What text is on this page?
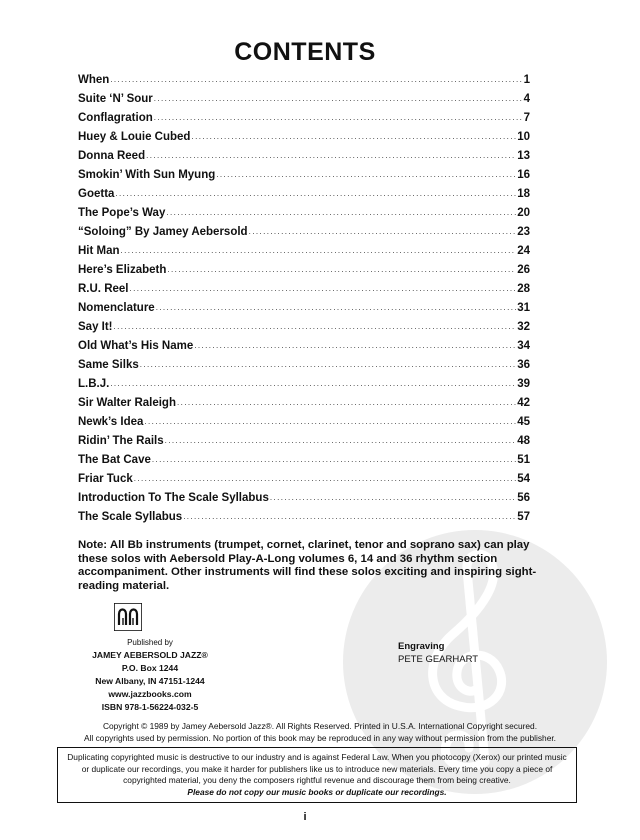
CONTENTS
When .....	1
Suite ‘N’ Sour .....	4
Conflagration .....	7
Huey & Louie Cubed .....	10
Donna Reed .....	13
Smokin’ With Sun Myung .....	16
Goetta .....	18
The Pope’s Way .....	20
“Soloing” By Jamey Aebersold .....	23
Hit Man .....	24
Here’s Elizabeth .....	26
R.U. Reel .....	28
Nomenclature .....	31
Say It! .....	32
Old What’s His Name .....	34
Same Silks .....	36
L.B.J. .....	39
Sir Walter Raleigh .....	42
Newk’s Idea .....	45
Ridin’ The Rails .....	48
The Bat Cave .....	51
Friar Tuck .....	54
Introduction To The Scale Syllabus .....	56
The Scale Syllabus .....	57

Note: All Bb instruments (trumpet, cornet, clarinet, tenor and soprano sax) can play these solos with Aebersold Play-A-Long volumes 6, 14 and 36 rhythm section accompaniment. Other instruments will find these solos exciting and inspiring sight-reading material.

Published by
JAMEY AEBERSOLD JAZZ®
P.O. Box 1244
New Albany, IN 47151-1244
www.jazzbooks.com
ISBN 978-1-56224-032-5
Engraving
PETE GEARHART
Copyright © 1989 by Jamey Aebersold Jazz®. All Rights Reserved. Printed in U.S.A. International Copyright secured.
All copyrights used by permission. No portion of this book may be reproduced in any way without permission from the publisher.
Duplicating copyrighted music is destructive to our industry and is against Federal Law. When you photocopy (Xerox) our printed music or duplicate our recordings, you make it harder for publishers like us to introduce new materials. Every time you copy a piece of copyrighted material, you deny the composers rightful revenue and discourage them from being creative.
Please do not copy our music books or duplicate our recordings.
i
